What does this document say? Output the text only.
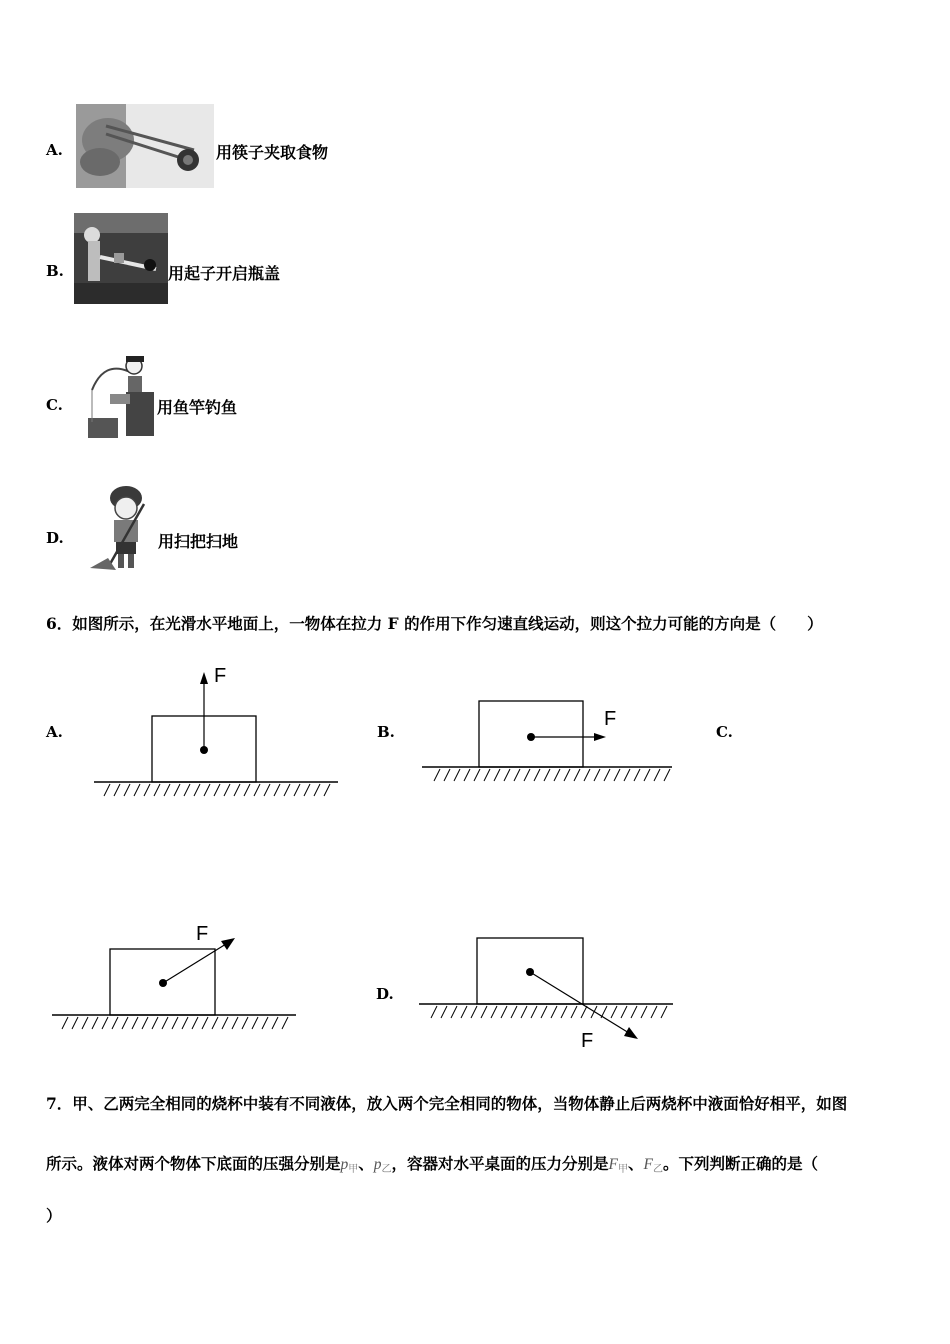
A.	用筷子夹取食物
B.	用起子开启瓶盖
C.	用鱼竿钓鱼
D.	用扫把扫地
6．如图所示，在光滑水平地面上，一物体在拉力 F 的作用下作匀速直线运动，则这个拉力可能的方向是（　　）
A.
F
B.
F
C.
F
D.
F
7．甲、乙两完全相同的烧杯中装有不同液体，放入两个完全相同的物体，当物体静止后两烧杯中液面恰好相平，如图
所示。液体对两个物体下底面的压强分别是$p_甲$、$p_乙$，容器对水平桌面的压力分别是$F_甲$、$F_乙$。下列判断正确的是（
）
